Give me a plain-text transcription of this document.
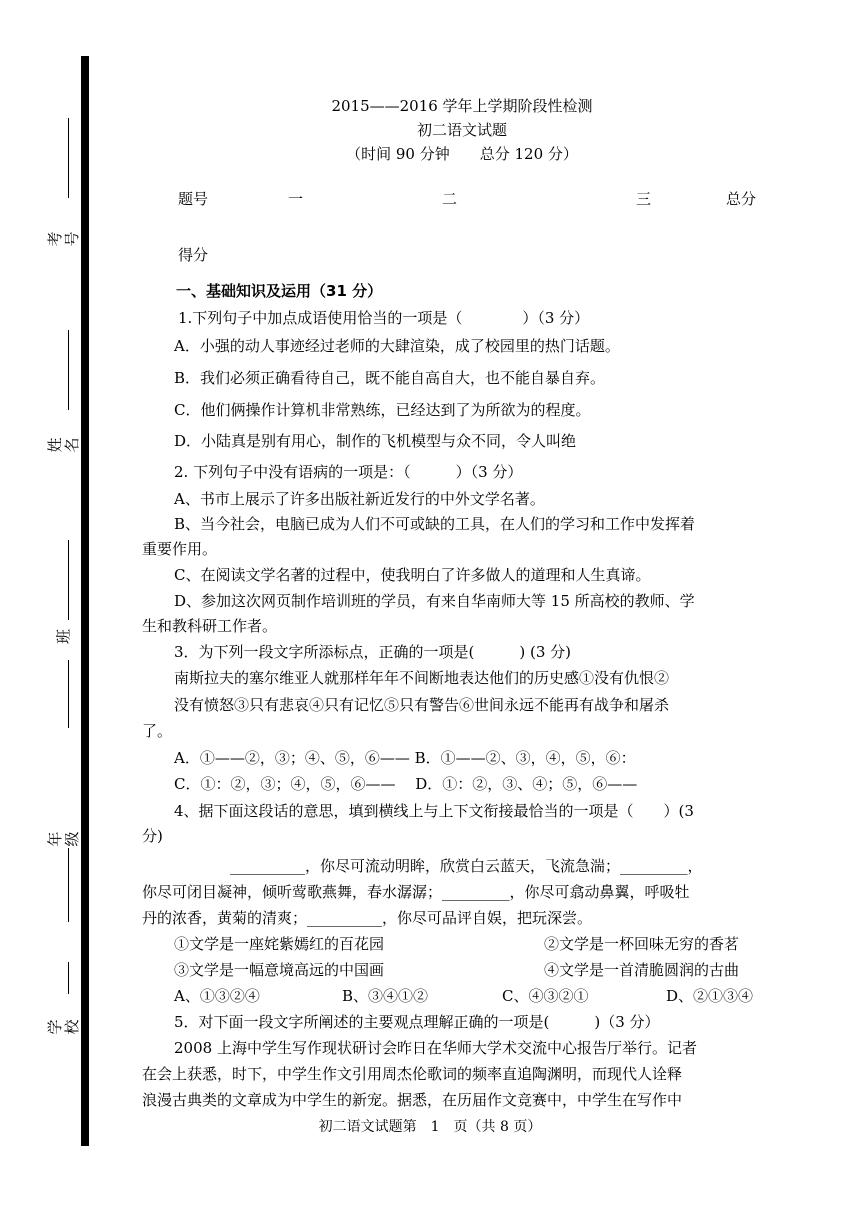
考号
姓名
班
年级
学校
2015——2016 学年上学期阶段性检测
初二语文试题
（时间 90 分钟　　总分 120 分）
题号	一	二	三	总分
得分
一、基础知识及运用（31 分）
1.下列句子中加点成语使用恰当的一项是（　　　　）（3 分）
A．小强的动人事迹经过老师的大肆渲染，成了校园里的热门话题。
B．我们必须正确看待自己，既不能自高自大，也不能自暴自弃。
C．他们俩操作计算机非常熟练，已经达到了为所欲为的程度。
D．小陆真是别有用心，制作的飞机模型与众不同，令人叫绝
2. 下列句子中没有语病的一项是：（　　　）（3 分）
A、书市上展示了许多出版社新近发行的中外文学名著。
B、当今社会，电脑已成为人们不可或缺的工具，在人们的学习和工作中发挥着
重要作用。
C、在阅读文学名著的过程中，使我明白了许多做人的道理和人生真谛。
D、参加这次网页制作培训班的学员，有来自华南师大等 15 所高校的教师、学
生和教科研工作者。
3．为下列一段文字所添标点，正确的一项是(　　　) (3 分)
南斯拉夫的塞尔维亚人就那样年年不间断地表达他们的历史感①没有仇恨②
没有愤怒③只有悲哀④只有记忆⑤只有警告⑥世间永远不能再有战争和屠杀
了。
A．①——②，③；④、⑤，⑥—— B．①——②、③，④，⑤，⑥：
C．①：②，③；④，⑤，⑥——　 D．①：②，③、④；⑤，⑥——
4、据下面这段话的意思，填到横线上与上下文衔接最恰当的一项是（　　）(3
分)
__________，你尽可流动明眸，欣赏白云蓝天，飞流急湍；_________，
你尽可闭目凝神，倾听莺歌燕舞，春水潺潺；_________，你尽可翕动鼻翼，呼吸牡
丹的浓香，黄菊的清爽；__________，你尽可品评自娱，把玩深尝。
①文学是一座姹紫嫣红的百花园	②文学是一杯回味无穷的香茗
③文学是一幅意境高远的中国画	④文学是一首清脆圆润的古曲
A、①③②④	B、③④①②	C、④③②①	D、②①③④
5．对下面一段文字所阐述的主要观点理解正确的一项是(　　　)（3 分）
2008 上海中学生写作现状研讨会昨日在华师大学术交流中心报告厅举行。记者
在会上获悉，时下，中学生作文引用周杰伦歌词的频率直追陶渊明，而现代人诠释
浪漫古典类的文章成为中学生的新宠。据悉，在历届作文竞赛中，中学生在写作中
初二语文试题第　1　页（共 8 页）
